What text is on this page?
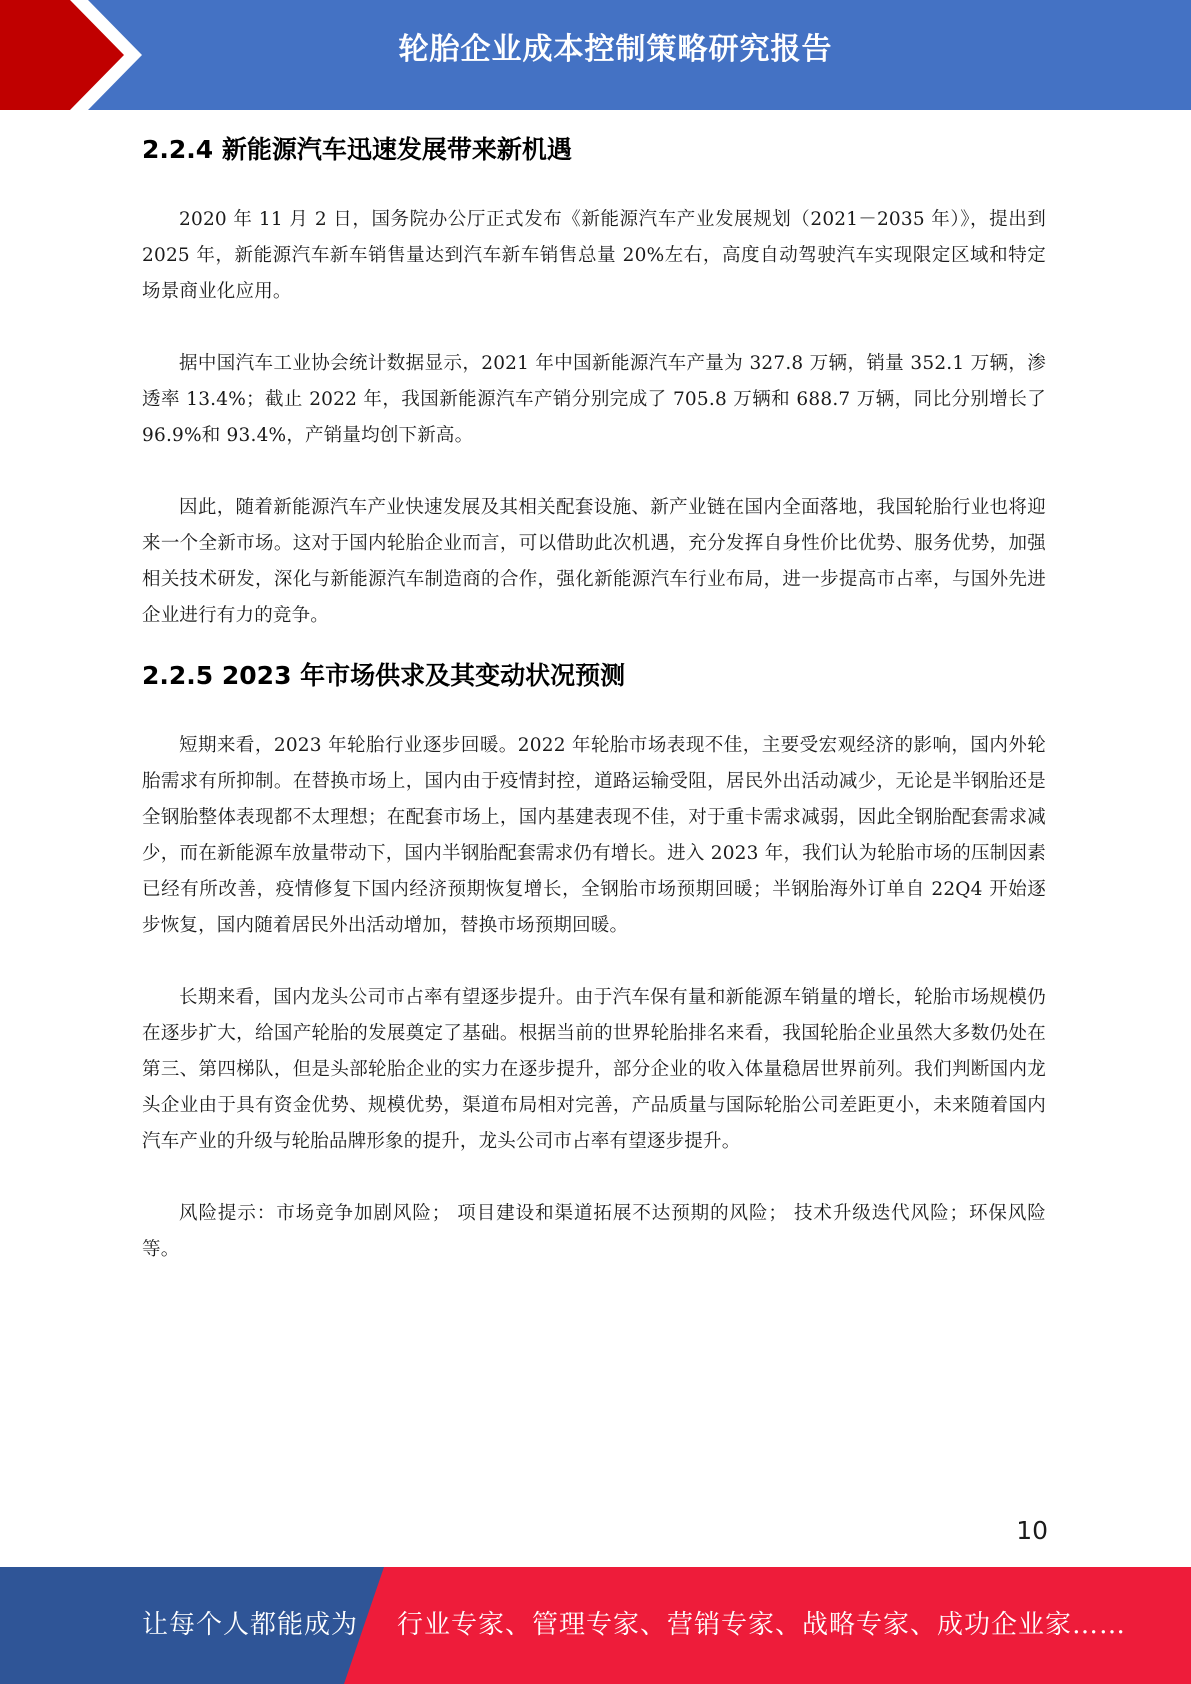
轮胎企业成本控制策略研究报告
2.2.4 新能源汽车迅速发展带来新机遇

2020 年 11 月 2 日，国务院办公厅正式发布《新能源汽车产业发展规划（2021－2035 年）》，提出到 2025 年，新能源汽车新车销售量达到汽车新车销售总量 20%左右，高度自动驾驶汽车实现限定区域和特定场景商业化应用。

据中国汽车工业协会统计数据显示，2021 年中国新能源汽车产量为 327.8 万辆，销量 352.1 万辆，渗透率 13.4%；截止 2022 年，我国新能源汽车产销分别完成了 705.8 万辆和 688.7 万辆，同比分别增长了 96.9%和 93.4%，产销量均创下新高。

因此，随着新能源汽车产业快速发展及其相关配套设施、新产业链在国内全面落地，我国轮胎行业也将迎来一个全新市场。这对于国内轮胎企业而言，可以借助此次机遇，充分发挥自身性价比优势、服务优势，加强相关技术研发，深化与新能源汽车制造商的合作，强化新能源汽车行业布局，进一步提高市占率，与国外先进企业进行有力的竞争。

2.2.5 2023 年市场供求及其变动状况预测

短期来看，2023 年轮胎行业逐步回暖。2022 年轮胎市场表现不佳，主要受宏观经济的影响，国内外轮胎需求有所抑制。在替换市场上，国内由于疫情封控，道路运输受阻，居民外出活动减少，无论是半钢胎还是全钢胎整体表现都不太理想；在配套市场上，国内基建表现不佳，对于重卡需求减弱，因此全钢胎配套需求减少，而在新能源车放量带动下，国内半钢胎配套需求仍有增长。进入 2023 年，我们认为轮胎市场的压制因素已经有所改善，疫情修复下国内经济预期恢复增长，全钢胎市场预期回暖；半钢胎海外订单自 22Q4 开始逐步恢复，国内随着居民外出活动增加，替换市场预期回暖。

长期来看，国内龙头公司市占率有望逐步提升。由于汽车保有量和新能源车销量的增长，轮胎市场规模仍在逐步扩大，给国产轮胎的发展奠定了基础。根据当前的世界轮胎排名来看，我国轮胎企业虽然大多数仍处在第三、第四梯队，但是头部轮胎企业的实力在逐步提升，部分企业的收入体量稳居世界前列。我们判断国内龙头企业由于具有资金优势、规模优势，渠道布局相对完善，产品质量与国际轮胎公司差距更小，未来随着国内汽车产业的升级与轮胎品牌形象的提升，龙头公司市占率有望逐步提升。

风险提示：市场竞争加剧风险； 项目建设和渠道拓展不达预期的风险； 技术升级迭代风险；环保风险等。

10
让每个人都能成为 行业专家、管理专家、营销专家、战略专家、成功企业家……
